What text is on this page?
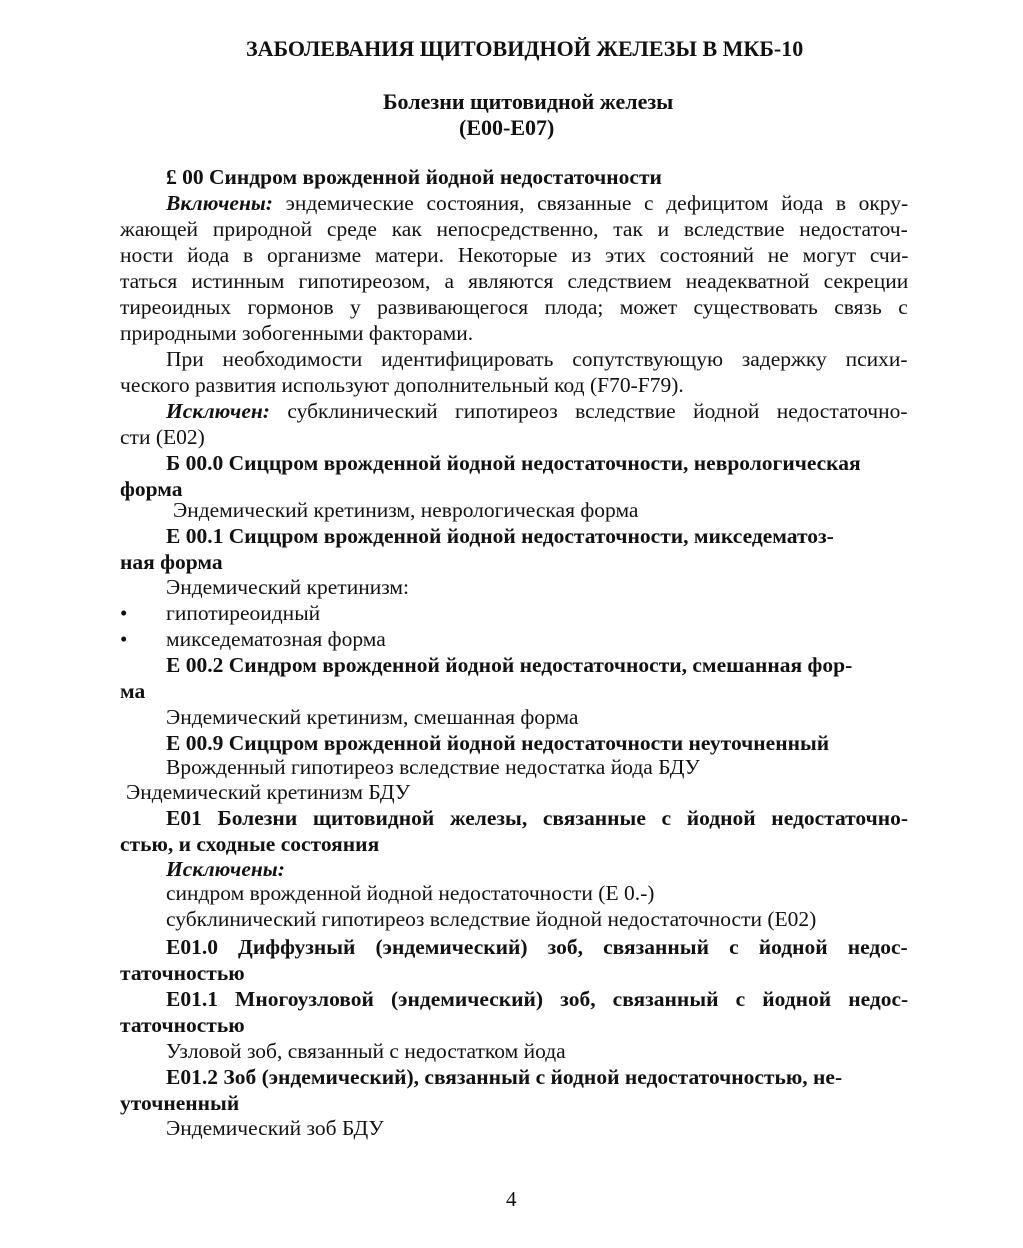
ЗАБОЛЕВАНИЯ ЩИТОВИДНОЙ ЖЕЛЕЗЫ В МКБ-10
Болезни щитовидной железы
(Е00-Е07)
£ 00 Синдром врожденной йодной недостаточности
Включены: эндемические состояния, связанные с дефицитом йода в окру-
жающей природной среде как непосредственно, так и вследствие недостаточ-
ности йода в организме матери. Некоторые из этих состояний не могут счи-
таться истинным гипотиреозом, а являются следствием неадекватной секреции
тиреоидных гормонов у развивающегося плода; может существовать связь с
природными зобогенными факторами.
При необходимости идентифицировать сопутствующую задержку психи-
ческого развития используют дополнительный код (F70-F79).
Исключен: субклинический гипотиреоз вследствие йодной недостаточно-
сти (Е02)
Б 00.0 Сиццром врожденной йодной недостаточности, неврологическая
форма
Эндемический кретинизм, неврологическая форма
Е 00.1 Сиццром врожденной йодной недостаточности, микседематоз-
ная форма
Эндемический кретинизм:
гипотиреоидный
микседематозная форма
Е 00.2 Синдром врожденной йодной недостаточности, смешанная фор-
ма
Эндемический кретинизм, смешанная форма
Е 00.9 Сиццром врожденной йодной недостаточности неуточненный
Врожденный гипотиреоз вследствие недостатка йода БДУ
Эндемический кретинизм БДУ
Е01 Болезни щитовидной железы, связанные с йодной недостаточно-
стью, и сходные состояния
Исключены:
синдром врожденной йодной недостаточности (Е 0.-)
субклинический гипотиреоз вследствие йодной недостаточности (Е02)
Е01.0 Диффузный (эндемический) зоб, связанный с йодной недос-
таточностью
Е01.1 Многоузловой (эндемический) зоб, связанный с йодной недос-
таточностью
Узловой зоб, связанный с недостатком йода
Е01.2 Зоб (эндемический), связанный с йодной недостаточностью, не-
уточненный
Эндемический зоб БДУ
•
•
4
